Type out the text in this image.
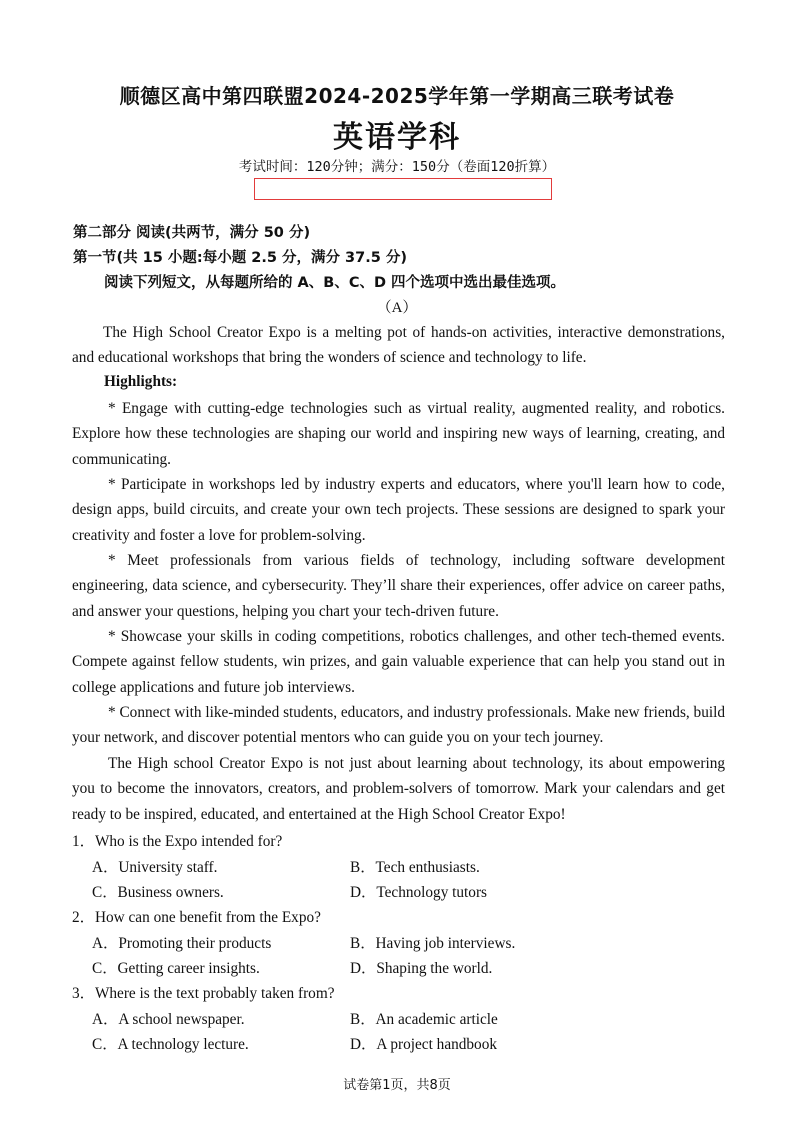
顺德区高中第四联盟2024-2025学年第一学期高三联考试卷
英语学科
考试时间：120分钟；满分：150分（卷面120折算）
第二部分 阅读(共两节，满分 50 分)
第一节(共 15 小题:每小题 2.5 分，满分 37.5 分)
阅读下列短文，从每题所给的 A、B、C、D 四个选项中选出最佳选项。
（A）
The High School Creator Expo is a melting pot of hands-on activities, interactive demonstrations, and educational workshops that bring the wonders of science and technology to life.
Highlights:
* Engage with cutting-edge technologies such as virtual reality, augmented reality, and robotics. Explore how these technologies are shaping our world and inspiring new ways of learning, creating, and communicating.
* Participate in workshops led by industry experts and educators, where you'll learn how to code, design apps, build circuits, and create your own tech projects. These sessions are designed to spark your creativity and foster a love for problem-solving.
* Meet professionals from various fields of technology, including software development engineering, data science, and cybersecurity. They’ll share their experiences, offer advice on career paths, and answer your questions, helping you chart your tech-driven future.
* Showcase your skills in coding competitions, robotics challenges, and other tech-themed events. Compete against fellow students, win prizes, and gain valuable experience that can help you stand out in college applications and future job interviews.
* Connect with like-minded students, educators, and industry professionals. Make new friends, build your network, and discover potential mentors who can guide you on your tech journey.
The High school Creator Expo is not just about learning about technology, its about empowering you to become the innovators, creators, and problem-solvers of tomorrow. Mark your calendars and get ready to be inspired, educated, and entertained at the High School Creator Expo!
1．Who is the Expo intended for?
A．University staff.	B．Tech enthusiasts.
C．Business owners.	D．Technology tutors
2．How can one benefit from the Expo?
A．Promoting their products	B．Having job interviews.
C．Getting career insights.	D．Shaping the world.
3．Where is the text probably taken from?
A．A school newspaper.	B．An academic article
C．A technology lecture.	D．A project handbook
试卷第1页，共8页
